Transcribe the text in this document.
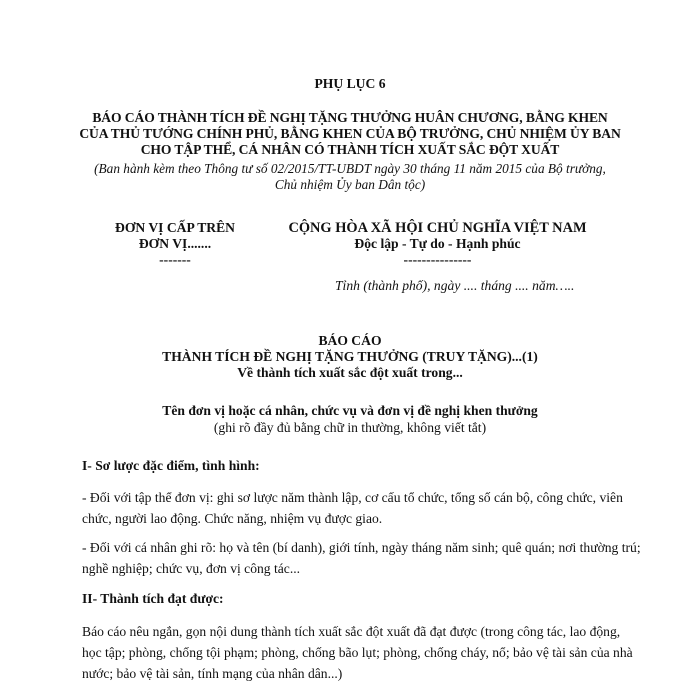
PHỤ LỤC 6
BÁO CÁO THÀNH TÍCH ĐỀ NGHỊ TẶNG THƯỞNG HUÂN CHƯƠNG, BẰNG KHEN
CỦA THỦ TƯỚNG CHÍNH PHỦ, BẰNG KHEN CỦA BỘ TRƯỞNG, CHỦ NHIỆM ỦY BAN
CHO TẬP THỂ, CÁ NHÂN CÓ THÀNH TÍCH XUẤT SẮC ĐỘT XUẤT
(Ban hành kèm theo Thông tư số 02/2015/TT-UBDT ngày 30 tháng 11 năm 2015 của Bộ trưởng,
Chủ nhiệm Ủy ban Dân tộc)
ĐƠN VỊ CẤP TRÊN
ĐƠN VỊ.......
-------
CỘNG HÒA XÃ HỘI CHỦ NGHĨA VIỆT NAM
Độc lập - Tự do - Hạnh phúc
---------------
Tỉnh (thành phố), ngày .... tháng .... năm…..
BÁO CÁO
THÀNH TÍCH ĐỀ NGHỊ TẶNG THƯỞNG (TRUY TẶNG)...(1)
Về thành tích xuất sắc đột xuất trong...
Tên đơn vị hoặc cá nhân, chức vụ và đơn vị đề nghị khen thưởng
(ghi rõ đầy đủ bằng chữ in thường, không viết tắt)
I- Sơ lược đặc điểm, tình hình:

- Đối với tập thể đơn vị: ghi sơ lược năm thành lập, cơ cấu tổ chức, tổng số cán bộ, công chức, viên chức, người lao động. Chức năng, nhiệm vụ được giao.

- Đối với cá nhân ghi rõ: họ và tên (bí danh), giới tính, ngày tháng năm sinh; quê quán; nơi thường trú; nghề nghiệp; chức vụ, đơn vị công tác...

II- Thành tích đạt được:

Báo cáo nêu ngắn, gọn nội dung thành tích xuất sắc đột xuất đã đạt được (trong công tác, lao động, học tập; phòng, chống tội phạm; phòng, chống bão lụt; phòng, chống cháy, nổ; bảo vệ tài sản của nhà nước; bảo vệ tài sản, tính mạng của nhân dân...)
